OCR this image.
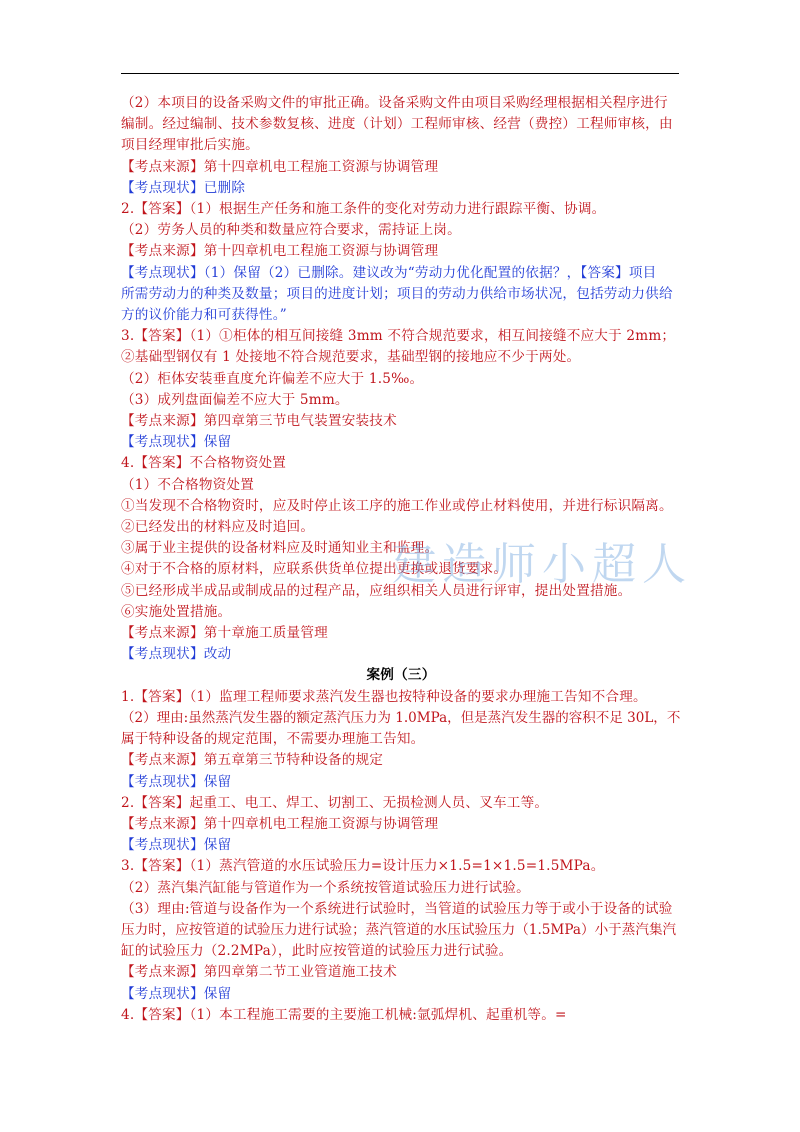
（2）本项目的设备采购文件的审批正确。设备采购文件由项目采购经理根据相关程序进行
编制。经过编制、技术参数复核、进度（计划）工程师审核、经营（费控）工程师审核，由
项目经理审批后实施。
【考点来源】第十四章机电工程施工资源与协调管理
【考点现状】已删除
2.【答案】（1）根据生产任务和施工条件的变化对劳动力进行跟踪平衡、协调。
（2）劳务人员的种类和数量应符合要求，需持证上岗。
【考点来源】第十四章机电工程施工资源与协调管理
【考点现状】（1）保留（2）已删除。建议改为“劳动力优化配置的依据？，【答案】项目
所需劳动力的种类及数量；项目的进度计划；项目的劳动力供给市场状况，包括劳动力供给
方的议价能力和可获得性。”
3.【答案】（1）①柜体的相互间接缝 3mm 不符合规范要求，相互间接缝不应大于 2mm；
②基础型钢仅有 1 处接地不符合规范要求，基础型钢的接地应不少于两处。
（2）柜体安装垂直度允许偏差不应大于 1.5‰。
（3）成列盘面偏差不应大于 5mm。
【考点来源】第四章第三节电气装置安装技术
【考点现状】保留
4.【答案】不合格物资处置
（1）不合格物资处置
①当发现不合格物资时，应及时停止该工序的施工作业或停止材料使用，并进行标识隔离。
②已经发出的材料应及时追回。
③属于业主提供的设备材料应及时通知业主和监理。
④对于不合格的原材料，应联系供货单位提出更换或退货要求。
⑤已经形成半成品或制成品的过程产品，应组织相关人员进行评审，提出处置措施。
⑥实施处置措施。
【考点来源】第十章施工质量管理
【考点现状】改动
案例（三）
1.【答案】（1）监理工程师要求蒸汽发生器也按特种设备的要求办理施工告知不合理。
（2）理由:虽然蒸汽发生器的额定蒸汽压力为 1.0MPa，但是蒸汽发生器的容积不足 30L，不
属于特种设备的规定范围，不需要办理施工告知。
【考点来源】第五章第三节特种设备的规定
【考点现状】保留
2.【答案】起重工、电工、焊工、切割工、无损检测人员、叉车工等。
【考点来源】第十四章机电工程施工资源与协调管理
【考点现状】保留
3.【答案】（1）蒸汽管道的水压试验压力=设计压力×1.5=1×1.5=1.5MPa。
（2）蒸汽集汽缸能与管道作为一个系统按管道试验压力进行试验。
（3）理由:管道与设备作为一个系统进行试验时，当管道的试验压力等于或小于设备的试验
压力时，应按管道的试验压力进行试验；蒸汽管道的水压试验压力（1.5MPa）小于蒸汽集汽
缸的试验压力（2.2MPa），此时应按管道的试验压力进行试验。
【考点来源】第四章第二节工业管道施工技术
【考点现状】保留
4.【答案】（1）本工程施工需要的主要施工机械:氩弧焊机、起重机等。=
建造师小超人
